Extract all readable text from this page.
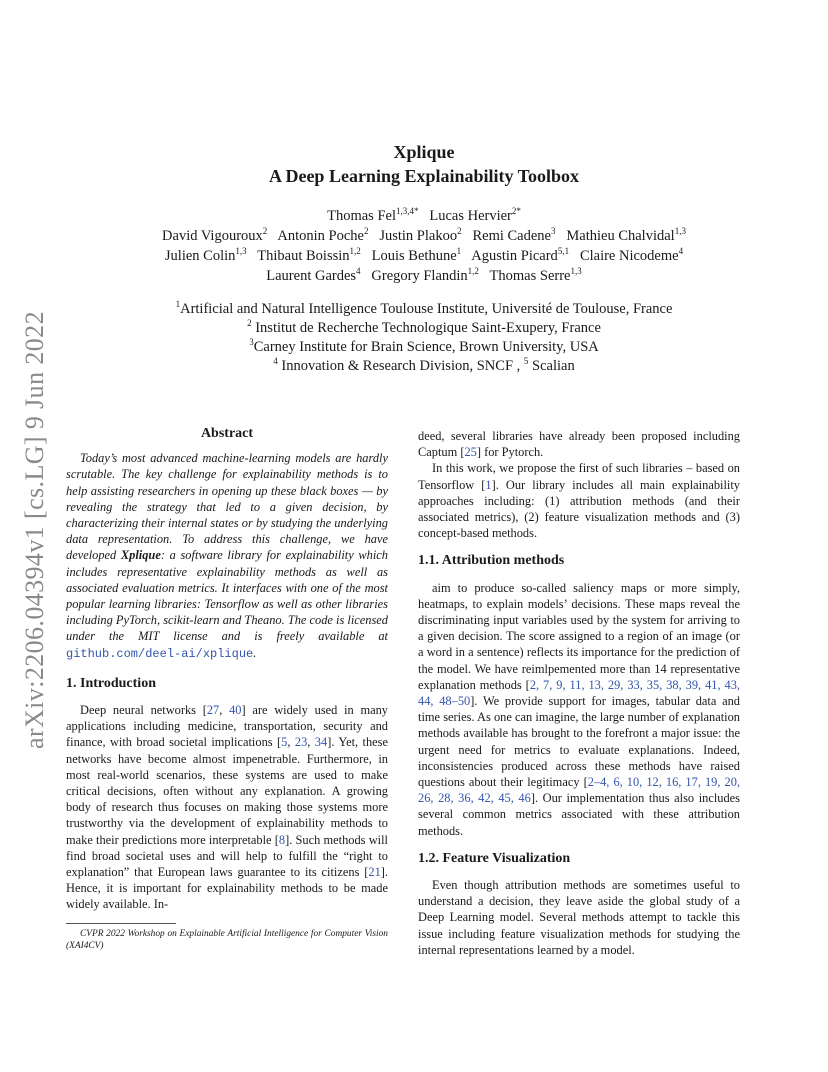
arXiv:2206.04394v1 [cs.LG] 9 Jun 2022
Xplique
A Deep Learning Explainability Toolbox
Thomas Fel$^{1,3,4*}$ Lucas Hervier$^{2*}$
David Vigouroux$^2$ Antonin Poche$^2$ Justin Plakoo$^2$ Remi Cadene$^3$ Mathieu Chalvidal$^{1,3}$
Julien Colin$^{1,3}$ Thibaut Boissin$^{1,2}$ Louis Bethune$^1$ Agustin Picard$^{5,1}$ Claire Nicodeme$^4$
Laurent Gardes$^4$ Gregory Flandin$^{1,2}$ Thomas Serre$^{1,3}$
$^1$Artificial and Natural Intelligence Toulouse Institute, Université de Toulouse, France
$^2$ Institut de Recherche Technologique Saint-Exupery, France
$^3$Carney Institute for Brain Science, Brown University, USA
$^4$ Innovation & Research Division, SNCF , $^5$ Scalian
Abstract

Today’s most advanced machine-learning models are hardly scrutable. The key challenge for explainability methods is to help assisting researchers in opening up these black boxes — by revealing the strategy that led to a given decision, by characterizing their internal states or by studying the underlying data representation. To address this challenge, we have developed Xplique: a software library for explainability which includes representative explainability methods as well as associated evaluation metrics. It interfaces with one of the most popular learning libraries: Tensorflow as well as other libraries including PyTorch, scikit-learn and Theano. The code is licensed under the MIT license and is freely available at github.com/deel-ai/xplique.

1. Introduction

Deep neural networks [27, 40] are widely used in many applications including medicine, transportation, security and finance, with broad societal implications [5, 23, 34]. Yet, these networks have become almost impenetrable. Furthermore, in most real-world scenarios, these systems are used to make critical decisions, often without any explanation. A growing body of research thus focuses on making those systems more trustworthy via the development of explainability methods to make their predictions more interpretable [8]. Such methods will find broad societal uses and will help to fulfill the “right to explanation” that European laws guarantee to its citizens [21]. Hence, it is important for explainability methods to be made widely available. In-

CVPR 2022 Workshop on Explainable Artificial Intelligence for Computer Vision (XAI4CV)

deed, several libraries have already been proposed including Captum [25] for Pytorch.

In this work, we propose the first of such libraries – based on Tensorflow [1]. Our library includes all main explainability approaches including: (1) attribution methods (and their associated metrics), (2) feature visualization methods and (3) concept-based methods.

1.1. Attribution methods

aim to produce so-called saliency maps or more simply, heatmaps, to explain models’ decisions. These maps reveal the discriminating input variables used by the system for arriving to a given decision. The score assigned to a region of an image (or a word in a sentence) reflects its importance for the prediction of the model. We have reimlpemented more than 14 representative explanation methods [2, 7, 9, 11, 13, 29, 33, 35, 38, 39, 41, 43, 44, 48–50]. We provide support for images, tabular data and time series. As one can imagine, the large number of explanation methods available has brought to the forefront a major issue: the urgent need for metrics to evaluate explanations. Indeed, inconsistencies produced across these methods have raised questions about their legitimacy [2–4, 6, 10, 12, 16, 17, 19, 20, 26, 28, 36, 42, 45, 46]. Our implementation thus also includes several common metrics associated with these attribution methods.

1.2. Feature Visualization

Even though attribution methods are sometimes useful to understand a decision, they leave aside the global study of a Deep Learning model. Several methods attempt to tackle this issue including feature visualization methods for studying the internal representations learned by a model.
